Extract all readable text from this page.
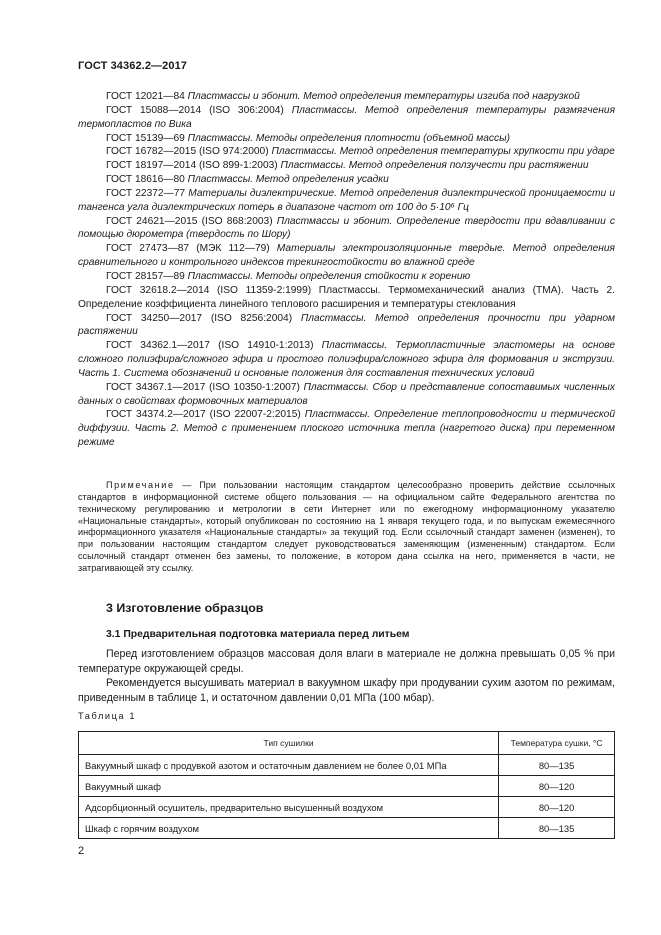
ГОСТ 34362.2—2017

ГОСТ 12021—84 Пластмассы и эбонит. Метод определения температуры изгиба под нагрузкой

ГОСТ 15088—2014 (ISO 306:2004) Пластмассы. Метод определения температуры размягчения термопластов по Вика

ГОСТ 15139—69 Пластмассы. Методы определения плотности (объемной массы)

ГОСТ 16782—2015 (ISO 974:2000) Пластмассы. Метод определения температуры хрупкости при ударе

ГОСТ 18197—2014 (ISO 899-1:2003) Пластмассы. Метод определения ползучести при растяжении

ГОСТ 18616—80 Пластмассы. Метод определения усадки

ГОСТ 22372—77 Материалы диэлектрические. Метод определения диэлектрической проницаемости и тангенса угла диэлектрических потерь в диапазоне частот от 100 до 5·10⁶ Гц

ГОСТ 24621—2015 (ISO 868:2003) Пластмассы и эбонит. Определение твердости при вдавливании с помощью дюрометра (твердость по Шору)

ГОСТ 27473—87 (МЭК 112—79) Материалы электроизоляционные твердые. Метод определения сравнительного и контрольного индексов трекингостойкости во влажной среде

ГОСТ 28157—89 Пластмассы. Методы определения стойкости к горению

ГОСТ 32618.2—2014 (ISO 11359-2:1999) Пластмассы. Термомеханический анализ (ТМА). Часть 2. Определение коэффициента линейного теплового расширения и температуры стеклования

ГОСТ 34250—2017 (ISO 8256:2004) Пластмассы. Метод определения прочности при ударном растяжении

ГОСТ 34362.1—2017 (ISO 14910-1:2013) Пластмассы. Термопластичные эластомеры на основе сложного полиэфира/сложного эфира и простого полиэфира/сложного эфира для формования и экструзии. Часть 1. Система обозначений и основные положения для составления технических условий

ГОСТ 34367.1—2017 (ISO 10350-1:2007) Пластмассы. Сбор и представление сопоставимых численных данных о свойствах формовочных материалов

ГОСТ 34374.2—2017 (ISO 22007-2:2015) Пластмассы. Определение теплопроводности и термической диффузии. Часть 2. Метод с применением плоского источника тепла (нагретого диска) при переменном режиме

Примечание — При пользовании настоящим стандартом целесообразно проверить действие ссылочных стандартов в информационной системе общего пользования — на официальном сайте Федерального агентства по техническому регулированию и метрологии в сети Интернет или по ежегодному информационному указателю «Национальные стандарты», который опубликован по состоянию на 1 января текущего года, и по выпускам ежемесячного информационного указателя «Национальные стандарты» за текущий год. Если ссылочный стандарт заменен (изменен), то при пользовании настоящим стандартом следует руководствоваться заменяющим (измененным) стандартом. Если ссылочный стандарт отменен без замены, то положение, в котором дана ссылка на него, применяется в части, не затрагивающей эту ссылку.

3 Изготовление образцов
3.1 Предварительная подготовка материала перед литьем

Перед изготовлением образцов массовая доля влаги в материале не должна превышать 0,05 % при температуре окружающей среды.

Рекомендуется высушивать материал в вакуумном шкафу при продувании сухим азотом по режимам, приведенным в таблице 1, и остаточном давлении 0,01 МПа (100 мбар).

Таблица 1
Тип сушилки	Температура сушки, °С
Вакуумный шкаф с продувкой азотом и остаточным давлением не более 0,01 МПа	80—135
Вакуумный шкаф	80—120
Адсорбционный осушитель, предварительно высушенный воздухом	80—120
Шкаф с горячим воздухом	80—135
2
